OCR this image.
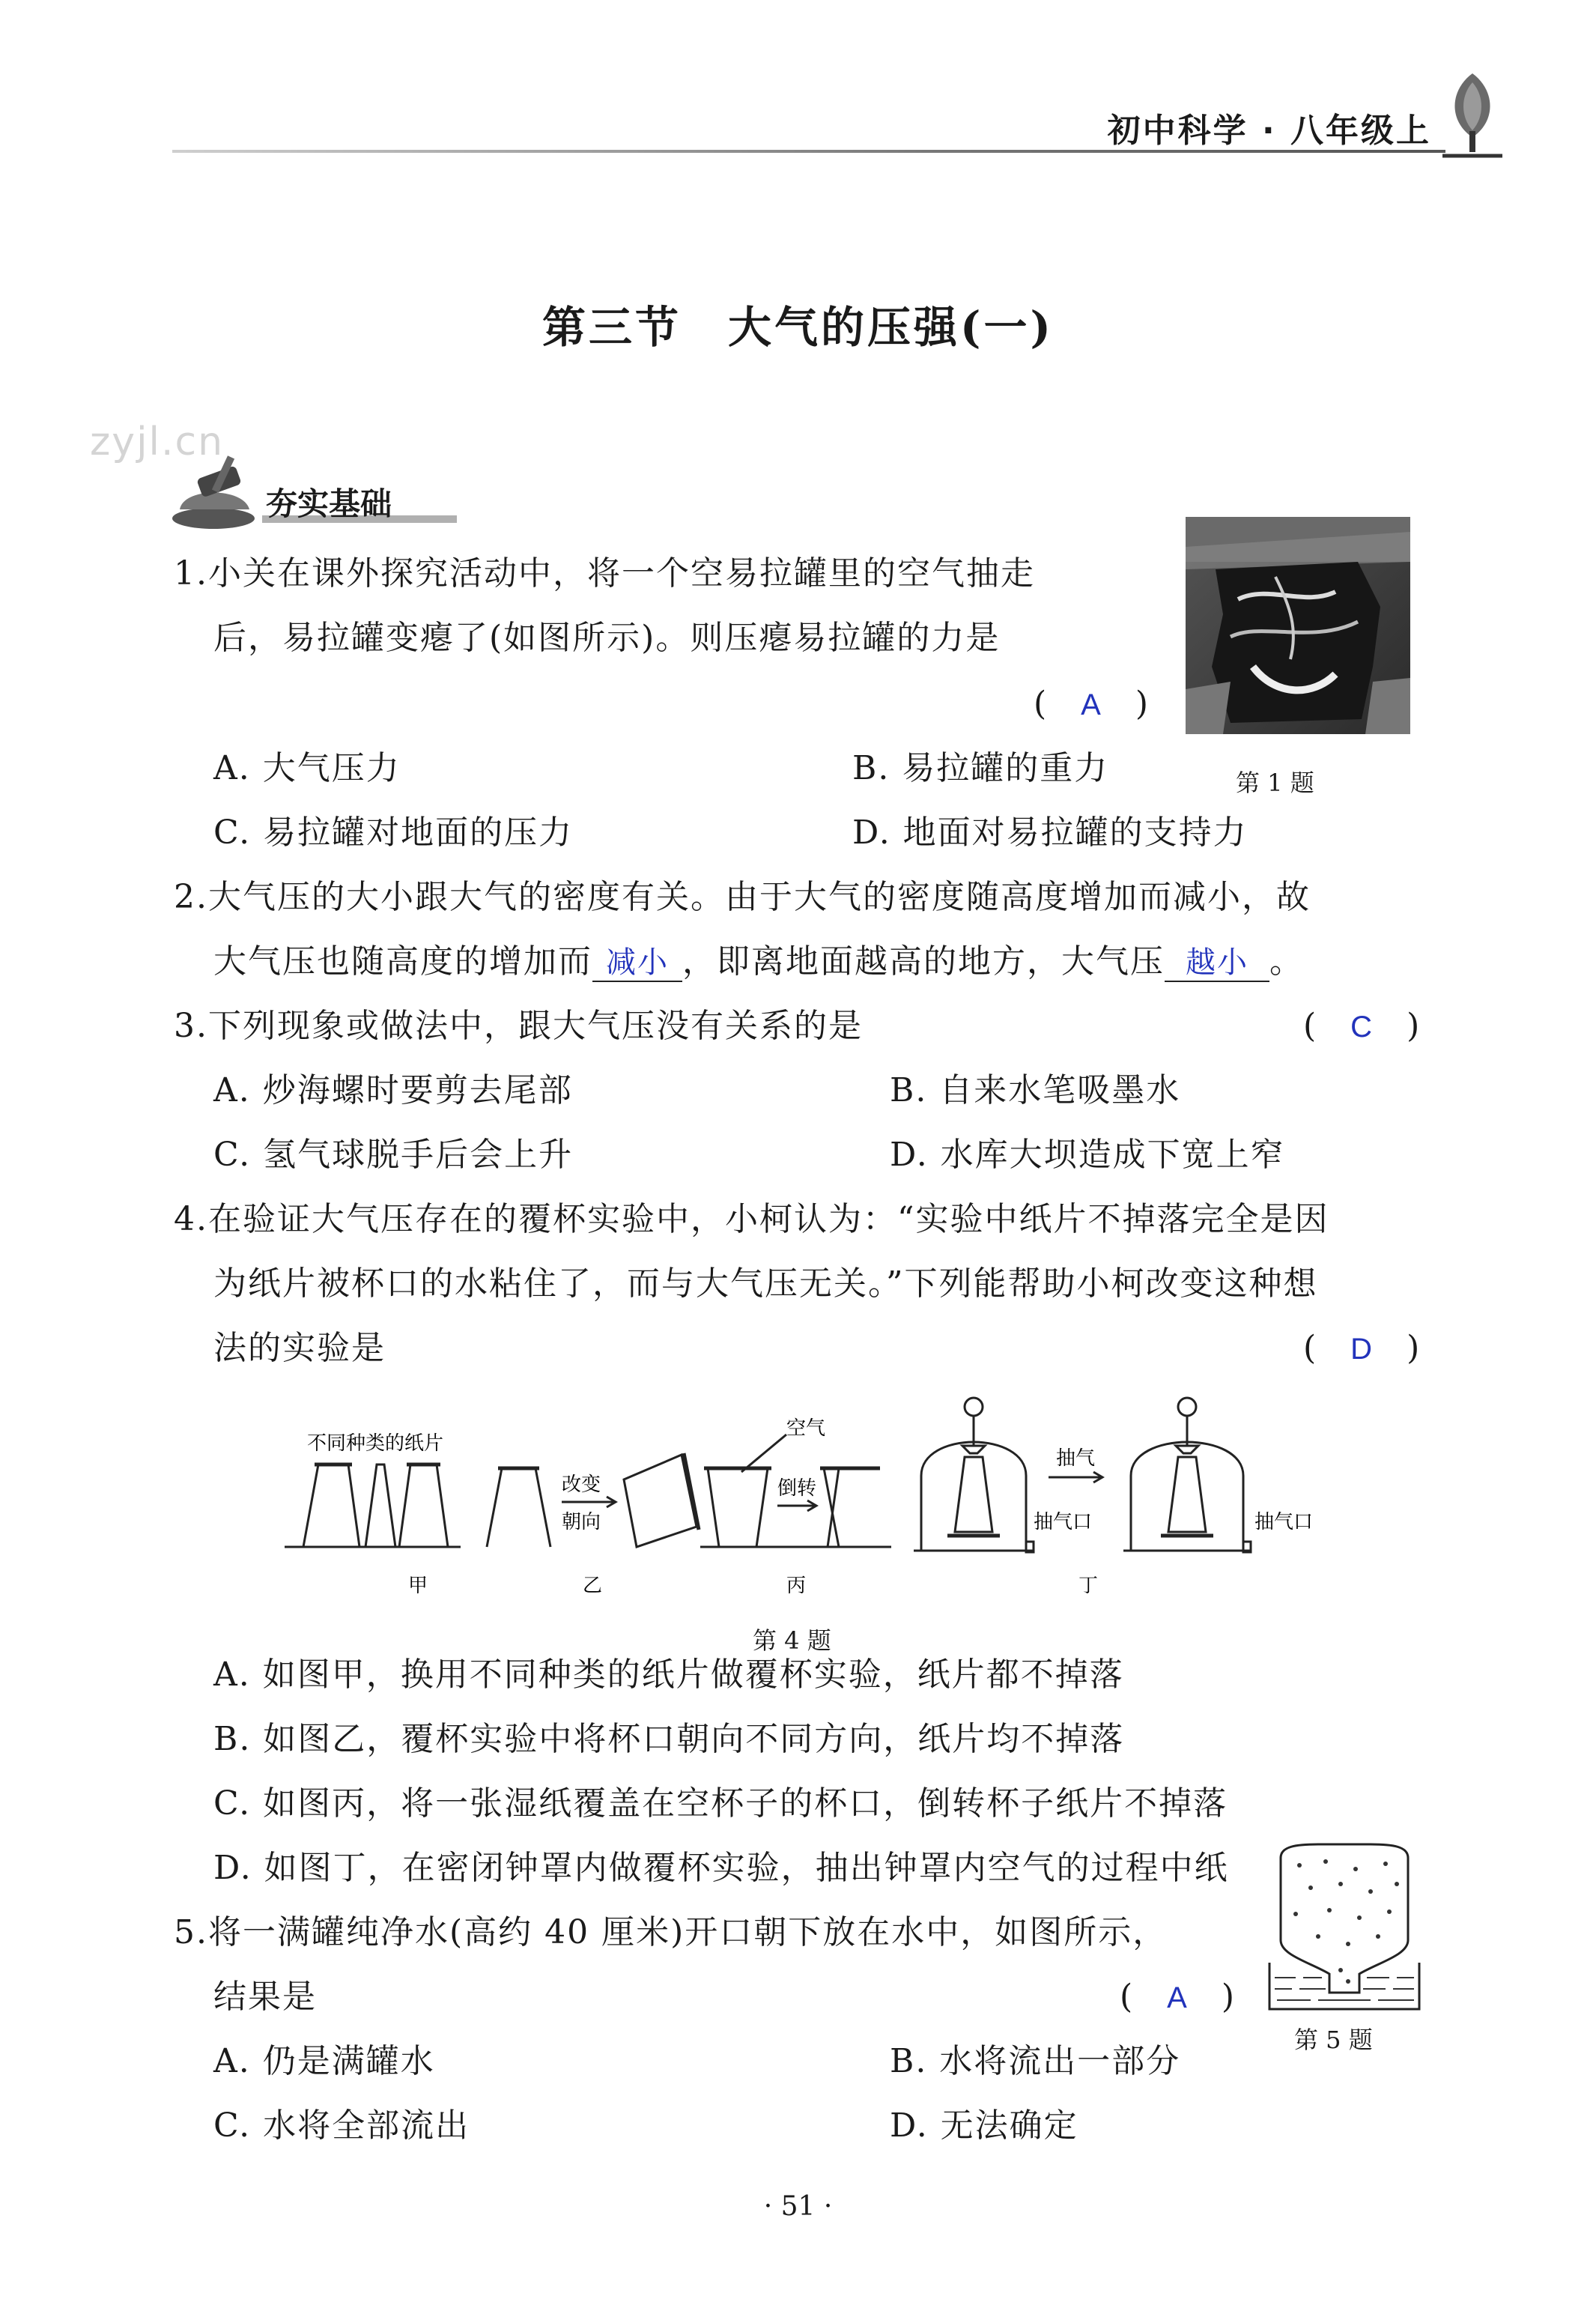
初中科学 · 八年级上
第三节　大气的压强(一)
zyjl.cn
夯实基础
1.小关在课外探究活动中，将一个空易拉罐里的空气抽走
后，易拉罐变瘪了(如图所示)。则压瘪易拉罐的力是
( A )
第 1 题
A. 大气压力	B. 易拉罐的重力
C. 易拉罐对地面的压力	D. 地面对易拉罐的支持力
2.大气压的大小跟大气的密度有关。由于大气的密度随高度增加而减小，故
大气压也随高度的增加而 减小 ，即离地面越高的地方，大气压 越小 。
3.下列现象或做法中，跟大气压没有关系的是	( C )
A. 炒海螺时要剪去尾部	B. 自来水笔吸墨水
C. 氢气球脱手后会上升	D. 水库大坝造成下宽上窄
4.在验证大气压存在的覆杯实验中，小柯认为：“实验中纸片不掉落完全是因
为纸片被杯口的水粘住了，而与大气压无关。”下列能帮助小柯改变这种想
法的实验是	( D )
不同种类的纸片
改变
朝向
空气
倒转
抽气
抽气口	抽气口
甲	乙	丙	丁
第 4 题
A. 如图甲，换用不同种类的纸片做覆杯实验，纸片都不掉落
B. 如图乙，覆杯实验中将杯口朝向不同方向，纸片均不掉落
C. 如图丙，将一张湿纸覆盖在空杯子的杯口，倒转杯子纸片不掉落
D. 如图丁，在密闭钟罩内做覆杯实验，抽出钟罩内空气的过程中纸
5.将一满罐纯净水(高约 40 厘米)开口朝下放在水中，如图所示，
结果是	( A )
第 5 题
A. 仍是满罐水	B. 水将流出一部分
C. 水将全部流出	D. 无法确定
· 51 ·
